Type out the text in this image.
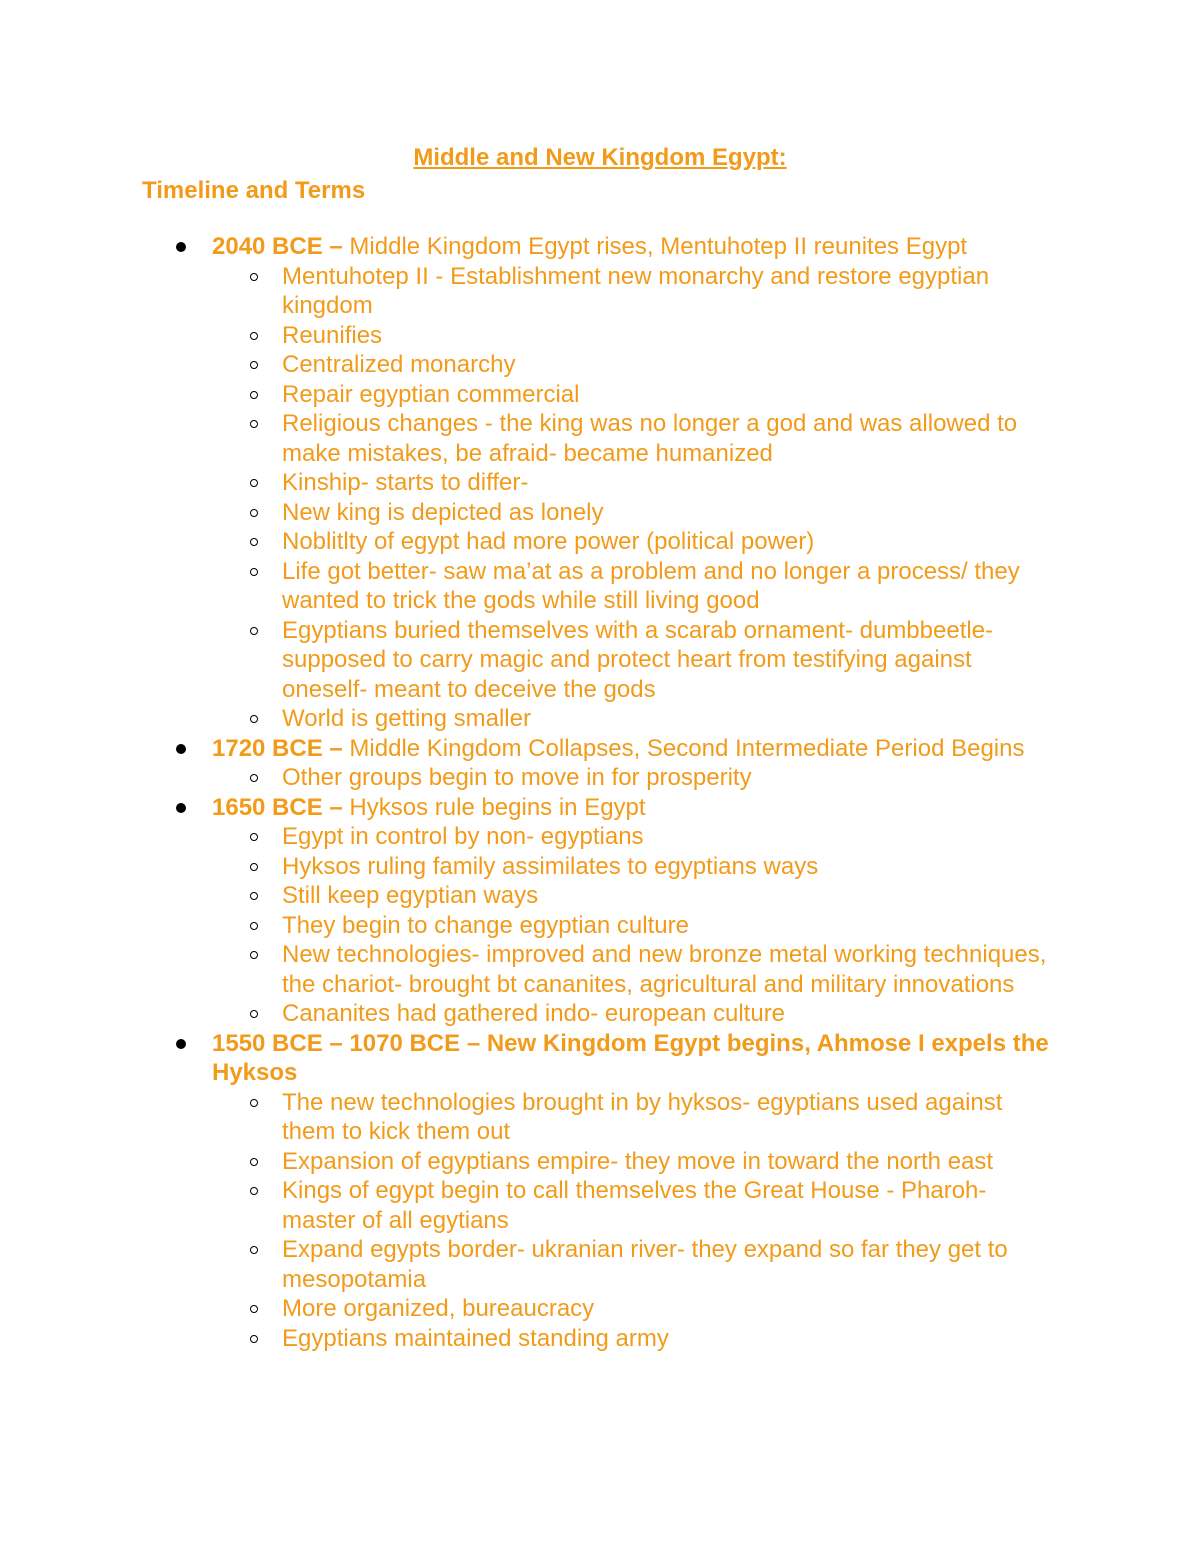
Middle and New Kingdom Egypt:
Timeline and Terms
2040 BCE – Middle Kingdom Egypt rises, Mentuhotep II reunites Egypt
Mentuhotep II - Establishment new monarchy and restore egyptian kingdom
Reunifies
Centralized monarchy
Repair egyptian commercial
Religious changes - the king was no longer a god and was allowed to make mistakes, be afraid- became humanized
Kinship- starts to differ-
New king is depicted as lonely
Noblitlty of egypt had more power (political power)
Life got better- saw ma’at as a problem and no longer a process/ they wanted to trick the gods while still living good
Egyptians buried themselves with a scarab ornament- dumbbeetle- supposed to carry magic and protect heart from testifying against oneself- meant to deceive the gods
World is getting smaller
1720 BCE – Middle Kingdom Collapses, Second Intermediate Period Begins
Other groups begin to move in for prosperity
1650 BCE – Hyksos rule begins in Egypt
Egypt in control by non- egyptians
Hyksos ruling family assimilates to egyptians ways
Still keep egyptian ways
They begin to change egyptian culture
New technologies- improved and new bronze metal working techniques, the chariot- brought bt cananites, agricultural and military innovations
Cananites had gathered indo- european culture
1550 BCE – 1070 BCE – New Kingdom Egypt begins, Ahmose I expels the Hyksos
The new technologies brought in by hyksos- egyptians used against them to kick them out
Expansion of egyptians empire- they move in toward the north east
Kings of egypt begin to call themselves the Great House - Pharoh- master of all egytians
Expand egypts border- ukranian river- they expand so far they get to mesopotamia
More organized, bureaucracy
Egyptians maintained standing army
